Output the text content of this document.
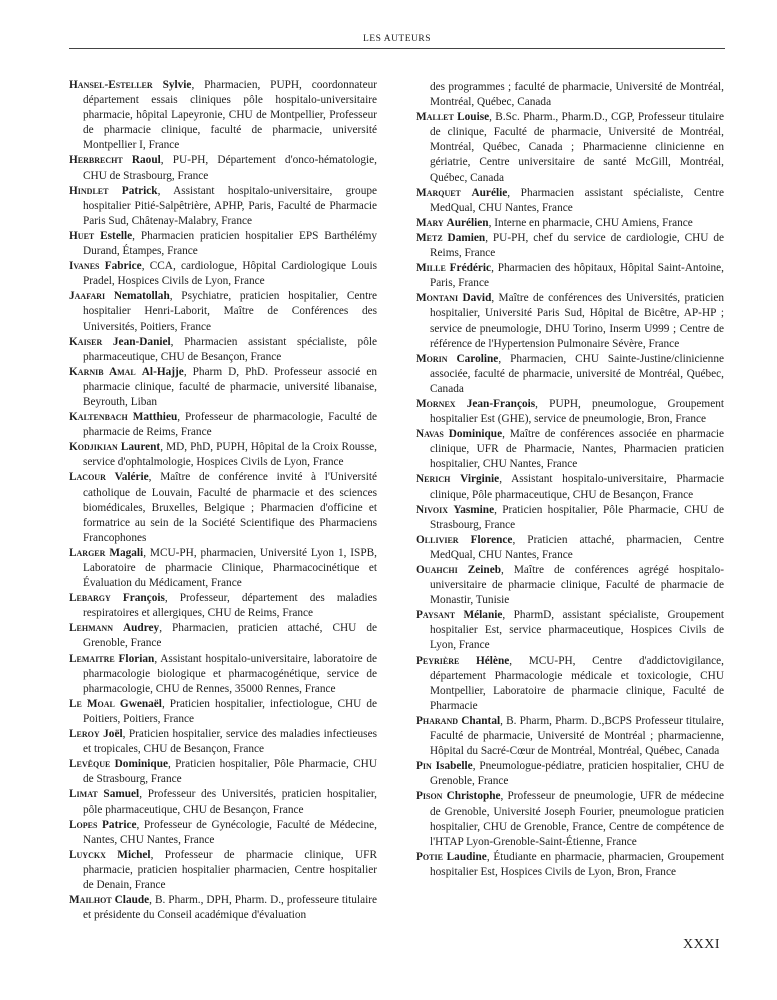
LES AUTEURS

Hansel-Esteller Sylvie, Pharmacien, PUPH, coordonnateur département essais cliniques pôle hospitalo-universitaire pharmacie, hôpital Lapeyronie, CHU de Montpellier, Professeur de pharmacie clinique, faculté de pharmacie, université Montpellier I, France

Herbrecht Raoul, PU-PH, Département d'onco-hématologie, CHU de Strasbourg, France

Hindlet Patrick, Assistant hospitalo-universitaire, groupe hospitalier Pitié-Salpêtrière, APHP, Paris, Faculté de Pharmacie Paris Sud, Châtenay-Malabry, France

Huet Estelle, Pharmacien praticien hospitalier EPS Barthélémy Durand, Étampes, France

Ivanes Fabrice, CCA, cardiologue, Hôpital Cardiologique Louis Pradel, Hospices Civils de Lyon, France

Jaafari Nematollah, Psychiatre, praticien hospitalier, Centre hospitalier Henri-Laborit, Maître de Conférences des Universités, Poitiers, France

Kaiser Jean-Daniel, Pharmacien assistant spécialiste, pôle pharmaceutique, CHU de Besançon, France

Karnib Amal Al-Hajje, Pharm D, PhD. Professeur associé en pharmacie clinique, faculté de pharmacie, université libanaise, Beyrouth, Liban

Kaltenbach Matthieu, Professeur de pharmacologie, Faculté de pharmacie de Reims, France

Kodjikian Laurent, MD, PhD, PUPH, Hôpital de la Croix Rousse, service d'ophtalmologie, Hospices Civils de Lyon, France

Lacour Valérie, Maître de conférence invité à l'Université catholique de Louvain, Faculté de pharmacie et des sciences biomédicales, Bruxelles, Belgique ; Pharmacien d'officine et formatrice au sein de la Société Scientifique des Pharmaciens Francophones

Larger Magali, MCU-PH, pharmacien, Université Lyon 1, ISPB, Laboratoire de pharmacie Clinique, Pharmacocinétique et Évaluation du Médicament, France

Lebargy François, Professeur, département des maladies respiratoires et allergiques, CHU de Reims, France

Lehmann Audrey, Pharmacien, praticien attaché, CHU de Grenoble, France

Lemaitre Florian, Assistant hospitalo-universitaire, laboratoire de pharmacologie biologique et pharmacogénétique, service de pharmacologie, CHU de Rennes, 35000 Rennes, France

Le Moal Gwenaël, Praticien hospitalier, infectiologue, CHU de Poitiers, Poitiers, France

Leroy Joël, Praticien hospitalier, service des maladies infectieuses et tropicales, CHU de Besançon, France

Levêque Dominique, Praticien hospitalier, Pôle Pharmacie, CHU de Strasbourg, France

Limat Samuel, Professeur des Universités, praticien hospitalier, pôle pharmaceutique, CHU de Besançon, France

Lopes Patrice, Professeur de Gynécologie, Faculté de Médecine, Nantes, CHU Nantes, France

Luyckx Michel, Professeur de pharmacie clinique, UFR pharmacie, praticien hospitalier pharmacien, Centre hospitalier de Denain, France

Mailhot Claude, B. Pharm., DPH, Pharm. D., professeure titulaire et présidente du Conseil académique d'évaluation

des programmes ; faculté de pharmacie, Université de Montréal, Montréal, Québec, Canada

Mallet Louise, B.Sc. Pharm., Pharm.D., CGP, Professeur titulaire de clinique, Faculté de pharmacie, Université de Montréal, Montréal, Québec, Canada ; Pharmacienne clinicienne en gériatrie, Centre universitaire de santé McGill, Montréal, Québec, Canada

Marquet Aurélie, Pharmacien assistant spécialiste, Centre MedQual, CHU Nantes, France

Mary Aurélien, Interne en pharmacie, CHU Amiens, France

Metz Damien, PU-PH, chef du service de cardiologie, CHU de Reims, France

Mille Frédéric, Pharmacien des hôpitaux, Hôpital Saint-Antoine, Paris, France

Montani David, Maître de conférences des Universités, praticien hospitalier, Université Paris Sud, Hôpital de Bicêtre, AP-HP ; service de pneumologie, DHU Torino, Inserm U999 ; Centre de référence de l'Hypertension Pulmonaire Sévère, France

Morin Caroline, Pharmacien, CHU Sainte-Justine/clinicienne associée, faculté de pharmacie, université de Montréal, Québec, Canada

Mornex Jean-François, PUPH, pneumologue, Groupement hospitalier Est (GHE), service de pneumologie, Bron, France

Navas Dominique, Maître de conférences associée en pharmacie clinique, UFR de Pharmacie, Nantes, Pharmacien praticien hospitalier, CHU Nantes, France

Nerich Virginie, Assistant hospitalo-universitaire, Pharmacie clinique, Pôle pharmaceutique, CHU de Besançon, France

Nivoix Yasmine, Praticien hospitalier, Pôle Pharmacie, CHU de Strasbourg, France

Ollivier Florence, Praticien attaché, pharmacien, Centre MedQual, CHU Nantes, France

Ouahchi Zeineb, Maître de conférences agrégé hospitalo-universitaire de pharmacie clinique, Faculté de pharmacie de Monastir, Tunisie

Paysant Mélanie, PharmD, assistant spécialiste, Groupement hospitalier Est, service pharmaceutique, Hospices Civils de Lyon, France

Peyrière Hélène, MCU-PH, Centre d'addictovigilance, département Pharmacologie médicale et toxicologie, CHU Montpellier, Laboratoire de pharmacie clinique, Faculté de Pharmacie

Pharand Chantal, B. Pharm, Pharm. D.,BCPS Professeur titulaire, Faculté de pharmacie, Université de Montréal ; pharmacienne, Hôpital du Sacré-Cœur de Montréal, Montréal, Québec, Canada

Pin Isabelle, Pneumologue-pédiatre, praticien hospitalier, CHU de Grenoble, France

Pison Christophe, Professeur de pneumologie, UFR de médecine de Grenoble, Université Joseph Fourier, pneumologue praticien hospitalier, CHU de Grenoble, France, Centre de compétence de l'HTAP Lyon-Grenoble-Saint-Étienne, France

Potie Laudine, Étudiante en pharmacie, pharmacien, Groupement hospitalier Est, Hospices Civils de Lyon, Bron, France

XXXI
